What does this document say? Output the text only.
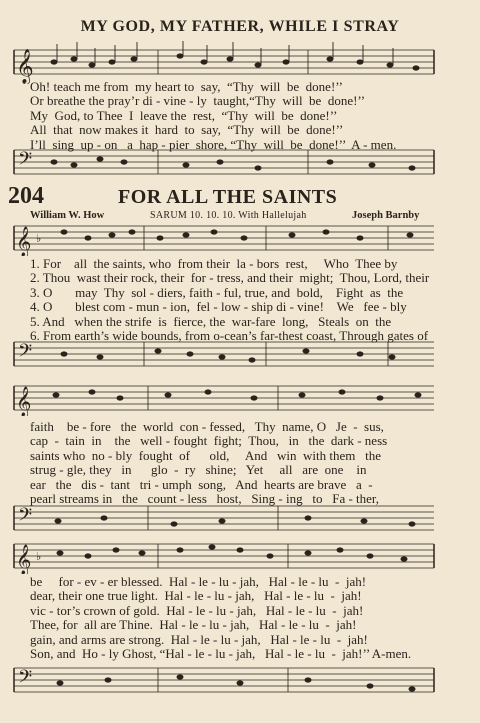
MY GOD, MY FATHER, WHILE I STRAY
𝄞
Oh! teach me from  my heart to  say,  “Thy  will  be  done!’’
Or breathe the pray’r di - vine - ly  taught,“Thy  will  be  done!’’
My  God, to Thee  I  leave the  rest,  “Thy  will  be  done!’’
All  that  now makes it  hard  to  say,  “Thy  will  be  done!’’
I’ll  sing  up - on   a  hap - pier  shore, “Thy  will  be  done!’’  A - men.
𝄢
204	FOR ALL THE SAINTS
William W. How	SARUM 10. 10. 10. With Hallelujah	Joseph Barnby
𝄞 ♭
1. For    all  the saints, who  from their  la - bors  rest,     Who  Thee by
2. Thou  wast their rock, their  for - tress, and their  might;  Thou, Lord, their
3. O       may  Thy  sol - diers, faith - ful, true, and  bold,    Fight  as  the
4. O       blest com - mun - ion,  fel - low - ship di - vine!    We   fee - bly
5. And   when the strife  is  fierce, the  war-fare  long,   Steals  on  the
6. From earth’s wide bounds, from o-cean’s far-thest coast, Through gates of
𝄢
𝄞
faith    be - fore   the  world  con - fessed,   Thy  name, O   Je  -  sus,
cap  -  tain  in    the   well - fought  fight;  Thou,   in   the  dark - ness
saints who  no - bly  fought  of      old,     And   win  with them   the
strug - gle, they   in      glo  -  ry   shine;   Yet     all   are  one    in
ear   the   dis -  tant   tri - umph  song,   And  hearts are brave   a  -
pearl streams in   the   count - less   host,   Sing - ing   to   Fa - ther,
𝄢
𝄞 ♭
be     for - ev - er blessed.  Hal - le - lu - jah,   Hal - le - lu  -  jah!
dear, their one true light.  Hal - le - lu - jah,   Hal - le - lu  -  jah!
vic - tor’s crown of gold.  Hal - le - lu - jah,   Hal - le - lu  -  jah!
Thee, for  all are Thine.  Hal - le - lu - jah,   Hal - le - lu  -  jah!
gain, and arms are strong.  Hal - le - lu - jah,   Hal - le - lu  -  jah!
Son, and  Ho - ly Ghost, “Hal - le - lu - jah,   Hal - le - lu  -  jah!’’ A-men.
𝄢
